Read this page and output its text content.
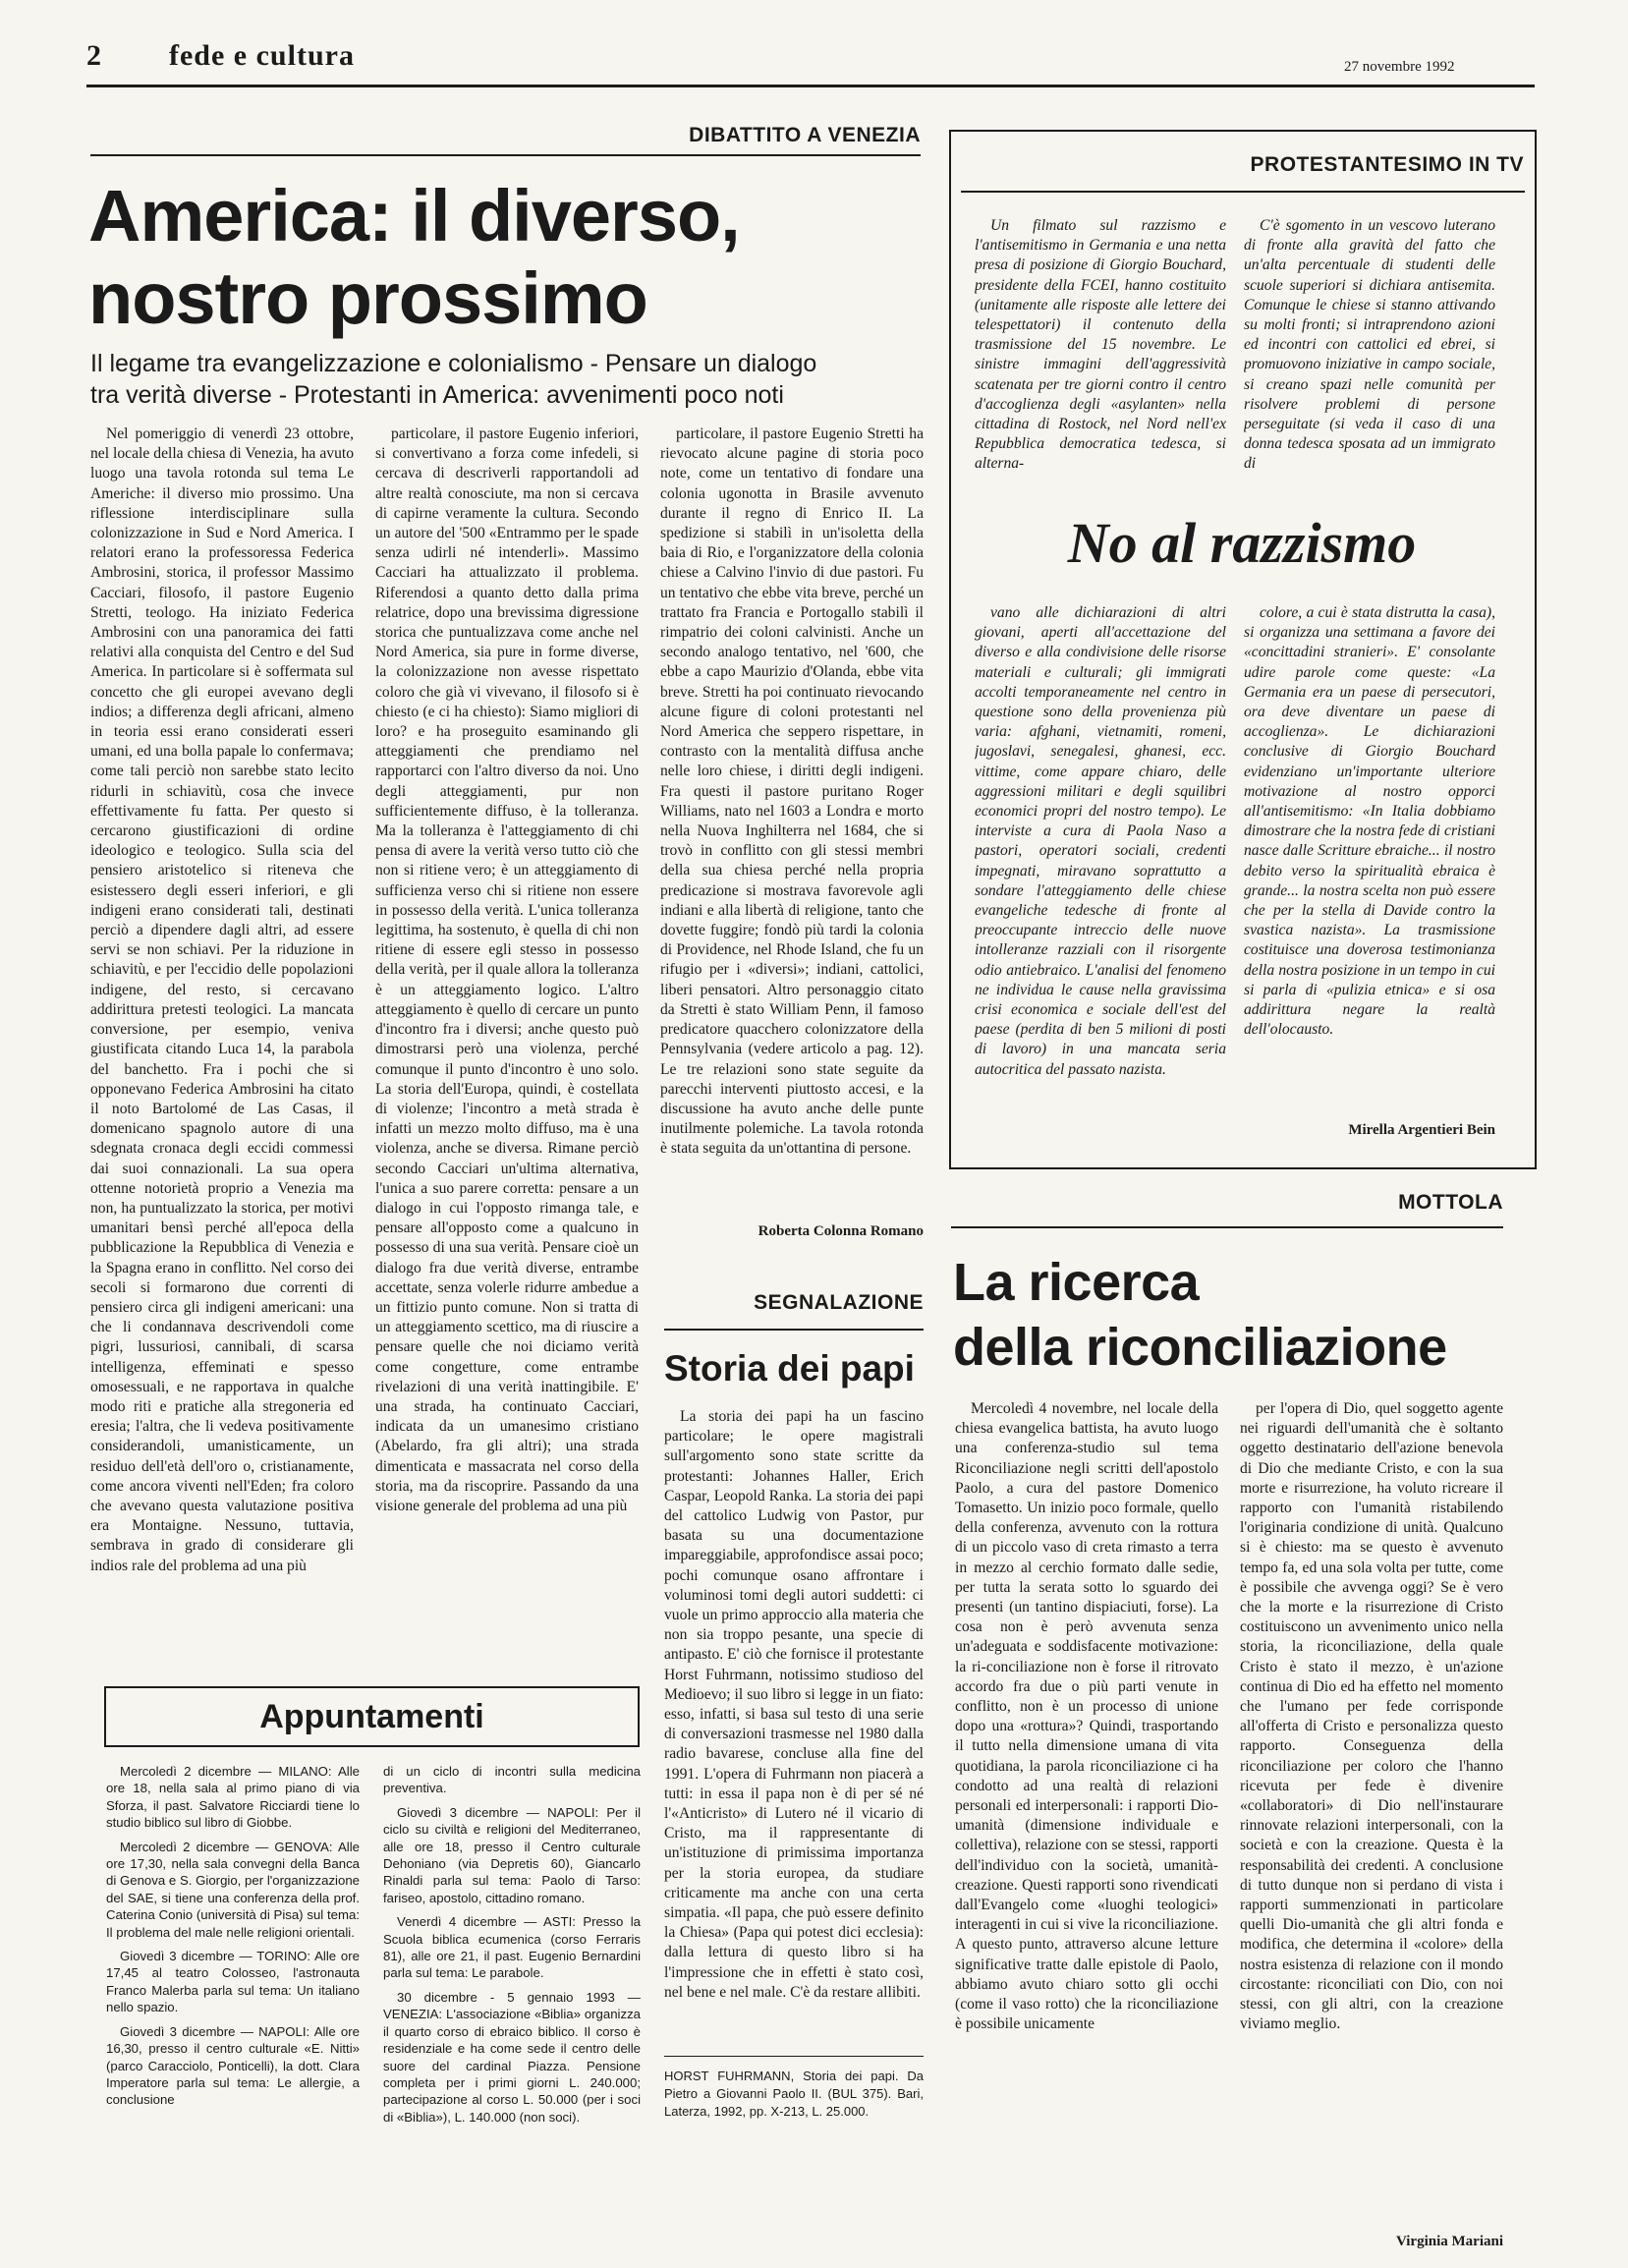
2 fede e cultura	27 novembre 1992
DIBATTITO A VENEZIA
America: il diverso,
nostro prossimo
Il legame tra evangelizzazione e colonialismo - Pensare un dialogo
tra verità diverse - Protestanti in America: avvenimenti poco noti

Nel pomeriggio di venerdì 23 ottobre, nel locale della chiesa di Venezia, ha avuto luogo una tavola rotonda sul tema Le Americhe: il diverso mio prossimo. Una riflessione interdisciplinare sulla colonizzazione in Sud e Nord America. I relatori erano la professoressa Federica Ambrosini, storica, il professor Massimo Cacciari, filosofo, il pastore Eugenio Stretti, teologo. Ha iniziato Federica Ambrosini con una panoramica dei fatti relativi alla conquista del Centro e del Sud America. In particolare si è soffermata sul concetto che gli europei avevano degli indios; a differenza degli africani, almeno in teoria essi erano considerati esseri umani, ed una bolla papale lo confermava; come tali perciò non sarebbe stato lecito ridurli in schiavitù, cosa che invece effettivamente fu fatta. Per questo si cercarono giustificazioni di ordine ideologico e teologico. Sulla scia del pensiero aristotelico si riteneva che esistessero degli esseri inferiori, e gli indigeni erano considerati tali, destinati perciò a dipendere dagli altri, ad essere servi se non schiavi. Per la riduzione in schiavitù, e per l'eccidio delle popolazioni indigene, del resto, si cercavano addirittura pretesti teologici. La mancata conversione, per esempio, veniva giustificata citando Luca 14, la parabola del banchetto. Fra i pochi che si opponevano Federica Ambrosini ha citato il noto Bartolomé de Las Casas, il domenicano spagnolo autore di una sdegnata cronaca degli eccidi commessi dai suoi connazionali. La sua opera ottenne notorietà proprio a Venezia ma non, ha puntualizzato la storica, per motivi umanitari bensì perché all'epoca della pubblicazione la Repubblica di Venezia e la Spagna erano in conflitto. Nel corso dei secoli si formarono due correnti di pensiero circa gli indigeni americani: una che li condannava descrivendoli come pigri, lussuriosi, cannibali, di scarsa intelligenza, effeminati e spesso omosessuali, e ne rapportava in qualche modo riti e pratiche alla stregoneria ed eresia; l'altra, che li vedeva positivamente considerandoli, umanisticamente, un residuo dell'età dell'oro o, cristianamente, come ancora viventi nell'Eden; fra coloro che avevano questa valutazione positiva era Montaigne. Nessuno, tuttavia, sembrava in grado di considerare gli indios rale del problema ad una più

particolare, il pastore Eugenio inferiori, si convertivano a forza come infedeli, si cercava di descriverli rapportandoli ad altre realtà conosciute, ma non si cercava di capirne veramente la cultura. Secondo un autore del '500 «Entrammo per le spade senza udirli né intenderli». Massimo Cacciari ha attualizzato il problema. Riferendosi a quanto detto dalla prima relatrice, dopo una brevissima digressione storica che puntualizzava come anche nel Nord America, sia pure in forme diverse, la colonizzazione non avesse rispettato coloro che già vi vivevano, il filosofo si è chiesto (e ci ha chiesto): Siamo migliori di loro? e ha proseguito esaminando gli atteggiamenti che prendiamo nel rapportarci con l'altro diverso da noi. Uno degli atteggiamenti, pur non sufficientemente diffuso, è la tolleranza. Ma la tolleranza è l'atteggiamento di chi pensa di avere la verità verso tutto ciò che non si ritiene vero; è un atteggiamento di sufficienza verso chi si ritiene non essere in possesso della verità. L'unica tolleranza legittima, ha sostenuto, è quella di chi non ritiene di essere egli stesso in possesso della verità, per il quale allora la tolleranza è un atteggiamento logico. L'altro atteggiamento è quello di cercare un punto d'incontro fra i diversi; anche questo può dimostrarsi però una violenza, perché comunque il punto d'incontro è uno solo. La storia dell'Europa, quindi, è costellata di violenze; l'incontro a metà strada è infatti un mezzo molto diffuso, ma è una violenza, anche se diversa. Rimane perciò secondo Cacciari un'ultima alternativa, l'unica a suo parere corretta: pensare a un dialogo in cui l'opposto rimanga tale, e pensare all'opposto come a qualcuno in possesso di una sua verità. Pensare cioè un dialogo fra due verità diverse, entrambe accettate, senza volerle ridurre ambedue a un fittizio punto comune. Non si tratta di un atteggiamento scettico, ma di riuscire a pensare quelle che noi diciamo verità come congetture, come entrambe rivelazioni di una verità inattingibile. E' una strada, ha continuato Cacciari, indicata da un umanesimo cristiano (Abelardo, fra gli altri); una strada dimenticata e massacrata nel corso della storia, ma da riscoprire. Passando da una visione generale del problema ad una più

particolare, il pastore Eugenio Stretti ha rievocato alcune pagine di storia poco note, come un tentativo di fondare una colonia ugonotta in Brasile avvenuto durante il regno di Enrico II. La spedizione si stabilì in un'isoletta della baia di Rio, e l'organizzatore della colonia chiese a Calvino l'invio di due pastori. Fu un tentativo che ebbe vita breve, perché un trattato fra Francia e Portogallo stabilì il rimpatrio dei coloni calvinisti. Anche un secondo analogo tentativo, nel '600, che ebbe a capo Maurizio d'Olanda, ebbe vita breve. Stretti ha poi continuato rievocando alcune figure di coloni protestanti nel Nord America che seppero rispettare, in contrasto con la mentalità diffusa anche nelle loro chiese, i diritti degli indigeni. Fra questi il pastore puritano Roger Williams, nato nel 1603 a Londra e morto nella Nuova Inghilterra nel 1684, che si trovò in conflitto con gli stessi membri della sua chiesa perché nella propria predicazione si mostrava favorevole agli indiani e alla libertà di religione, tanto che dovette fuggire; fondò più tardi la colonia di Providence, nel Rhode Island, che fu un rifugio per i «diversi»; indiani, cattolici, liberi pensatori. Altro personaggio citato da Stretti è stato William Penn, il famoso predicatore quacchero colonizzatore della Pennsylvania (vedere articolo a pag. 12). Le tre relazioni sono state seguite da parecchi interventi piuttosto accesi, e la discussione ha avuto anche delle punte inutilmente polemiche. La tavola rotonda è stata seguita da un'ottantina di persone.

Roberta Colonna Romano
PROTESTANTESIMO IN TV

Un filmato sul razzismo e l'antisemitismo in Germania e una netta presa di posizione di Giorgio Bouchard, presidente della FCEI, hanno costituito (unitamente alle risposte alle lettere dei telespettatori) il contenuto della trasmissione del 15 novembre. Le sinistre immagini dell'aggressività scatenata per tre giorni contro il centro d'accoglienza degli «asylanten» nella cittadina di Rostock, nel Nord nell'ex Repubblica democratica tedesca, si alterna-

C'è sgomento in un vescovo luterano di fronte alla gravità del fatto che un'alta percentuale di studenti delle scuole superiori si dichiara antisemita. Comunque le chiese si stanno attivando su molti fronti; si intraprendono azioni ed incontri con cattolici ed ebrei, si promuovono iniziative in campo sociale, si creano spazi nelle comunità per risolvere problemi di persone perseguitate (si veda il caso di una donna tedesca sposata ad un immigrato di

No al razzismo

vano alle dichiarazioni di altri giovani, aperti all'accettazione del diverso e alla condivisione delle risorse materiali e culturali; gli immigrati accolti temporaneamente nel centro in questione sono della provenienza più varia: afghani, vietnamiti, romeni, jugoslavi, senegalesi, ghanesi, ecc. vittime, come appare chiaro, delle aggressioni militari e degli squilibri economici propri del nostro tempo). Le interviste a cura di Paola Naso a pastori, operatori sociali, credenti impegnati, miravano soprattutto a sondare l'atteggiamento delle chiese evangeliche tedesche di fronte al preoccupante intreccio delle nuove intolleranze razziali con il risorgente odio antiebraico. L'analisi del fenomeno ne individua le cause nella gravissima crisi economica e sociale dell'est del paese (perdita di ben 5 milioni di posti di lavoro) in una mancata seria autocritica del passato nazista.

colore, a cui è stata distrutta la casa), si organizza una settimana a favore dei «concittadini stranieri». E' consolante udire parole come queste: «La Germania era un paese di persecutori, ora deve diventare un paese di accoglienza». Le dichiarazioni conclusive di Giorgio Bouchard evidenziano un'importante ulteriore motivazione al nostro opporci all'antisemitismo: «In Italia dobbiamo dimostrare che la nostra fede di cristiani nasce dalle Scritture ebraiche... il nostro debito verso la spiritualità ebraica è grande... la nostra scelta non può essere che per la stella di Davide contro la svastica nazista». La trasmissione costituisce una doverosa testimonianza della nostra posizione in un tempo in cui si parla di «pulizia etnica» e si osa addirittura negare la realtà dell'olocausto.

Mirella Argentieri Bein
MOTTOLA
La ricerca
della riconciliazione

Mercoledì 4 novembre, nel locale della chiesa evangelica battista, ha avuto luogo una conferenza-studio sul tema Riconciliazione negli scritti dell'apostolo Paolo, a cura del pastore Domenico Tomasetto. Un inizio poco formale, quello della conferenza, avvenuto con la rottura di un piccolo vaso di creta rimasto a terra in mezzo al cerchio formato dalle sedie, per tutta la serata sotto lo sguardo dei presenti (un tantino dispiaciuti, forse). La cosa non è però avvenuta senza un'adeguata e soddisfacente motivazione: la ri-conciliazione non è forse il ritrovato accordo fra due o più parti venute in conflitto, non è un processo di unione dopo una «rottura»? Quindi, trasportando il tutto nella dimensione umana di vita quotidiana, la parola riconciliazione ci ha condotto ad una realtà di relazioni personali ed interpersonali: i rapporti Dio-umanità (dimensione individuale e collettiva), relazione con se stessi, rapporti dell'individuo con la società, umanità-creazione. Questi rapporti sono rivendicati dall'Evangelo come «luoghi teologici» interagenti in cui si vive la riconciliazione. A questo punto, attraverso alcune letture significative tratte dalle epistole di Paolo, abbiamo avuto chiaro sotto gli occhi (come il vaso rotto) che la riconciliazione è possibile unicamente

per l'opera di Dio, quel soggetto agente nei riguardi dell'umanità che è soltanto oggetto destinatario dell'azione benevola di Dio che mediante Cristo, e con la sua morte e risurrezione, ha voluto ricreare il rapporto con l'umanità ristabilendo l'originaria condizione di unità. Qualcuno si è chiesto: ma se questo è avvenuto tempo fa, ed una sola volta per tutte, come è possibile che avvenga oggi? Se è vero che la morte e la risurrezione di Cristo costituiscono un avvenimento unico nella storia, la riconciliazione, della quale Cristo è stato il mezzo, è un'azione continua di Dio ed ha effetto nel momento che l'umano per fede corrisponde all'offerta di Cristo e personalizza questo rapporto. Conseguenza della riconciliazione per coloro che l'hanno ricevuta per fede è divenire «collaboratori» di Dio nell'instaurare rinnovate relazioni interpersonali, con la società e con la creazione. Questa è la responsabilità dei credenti. A conclusione di tutto dunque non si perdano di vista i rapporti summenzionati in particolare quelli Dio-umanità che gli altri fonda e modifica, che determina il «colore» della nostra esistenza di relazione con il mondo circostante: riconciliati con Dio, con noi stessi, con gli altri, con la creazione viviamo meglio.

Virginia Mariani
SEGNALAZIONE
Storia dei papi

La storia dei papi ha un fascino particolare; le opere magistrali sull'argomento sono state scritte da protestanti: Johannes Haller, Erich Caspar, Leopold Ranka. La storia dei papi del cattolico Ludwig von Pastor, pur basata su una documentazione impareggiabile, approfondisce assai poco; pochi comunque osano affrontare i voluminosi tomi degli autori suddetti: ci vuole un primo approccio alla materia che non sia troppo pesante, una specie di antipasto. E' ciò che fornisce il protestante Horst Fuhrmann, notissimo studioso del Medioevo; il suo libro si legge in un fiato: esso, infatti, si basa sul testo di una serie di conversazioni trasmesse nel 1980 dalla radio bavarese, concluse alla fine del 1991. L'opera di Fuhrmann non piacerà a tutti: in essa il papa non è di per sé né l'«Anticristo» di Lutero né il vicario di Cristo, ma il rappresentante di un'istituzione di primissima importanza per la storia europea, da studiare criticamente ma anche con una certa simpatia. «Il papa, che può essere definito la Chiesa» (Papa qui potest dici ecclesia): dalla lettura di questo libro si ha l'impressione che in effetti è stato così, nel bene e nel male. C'è da restare allibiti.

HORST FUHRMANN, Storia dei papi. Da Pietro a Giovanni Paolo II. (BUL 375). Bari, Laterza, 1992, pp. X-213, L. 25.000.
Appuntamenti

Mercoledì 2 dicembre — MILANO: Alle ore 18, nella sala al primo piano di via Sforza, il past. Salvatore Ricciardi tiene lo studio biblico sul libro di Giobbe.

Mercoledì 2 dicembre — GENOVA: Alle ore 17,30, nella sala convegni della Banca di Genova e S. Giorgio, per l'organizzazione del SAE, si tiene una conferenza della prof. Caterina Conio (università di Pisa) sul tema: Il problema del male nelle religioni orientali.

Giovedì 3 dicembre — TORINO: Alle ore 17,45 al teatro Colosseo, l'astronauta Franco Malerba parla sul tema: Un italiano nello spazio.

Giovedì 3 dicembre — NAPOLI: Alle ore 16,30, presso il centro culturale «E. Nitti» (parco Caracciolo, Ponticelli), la dott. Clara Imperatore parla sul tema: Le allergie, a conclusione

di un ciclo di incontri sulla medicina preventiva.

Giovedì 3 dicembre — NAPOLI: Per il ciclo su civiltà e religioni del Mediterraneo, alle ore 18, presso il Centro culturale Dehoniano (via Depretis 60), Giancarlo Rinaldi parla sul tema: Paolo di Tarso: fariseo, apostolo, cittadino romano.

Venerdì 4 dicembre — ASTI: Presso la Scuola biblica ecumenica (corso Ferraris 81), alle ore 21, il past. Eugenio Bernardini parla sul tema: Le parabole.

30 dicembre - 5 gennaio 1993 — VENEZIA: L'associazione «Biblia» organizza il quarto corso di ebraico biblico. Il corso è residenziale e ha come sede il centro delle suore del cardinal Piazza. Pensione completa per i primi giorni L. 240.000; partecipazione al corso L. 50.000 (per i soci di «Biblia»), L. 140.000 (non soci).
